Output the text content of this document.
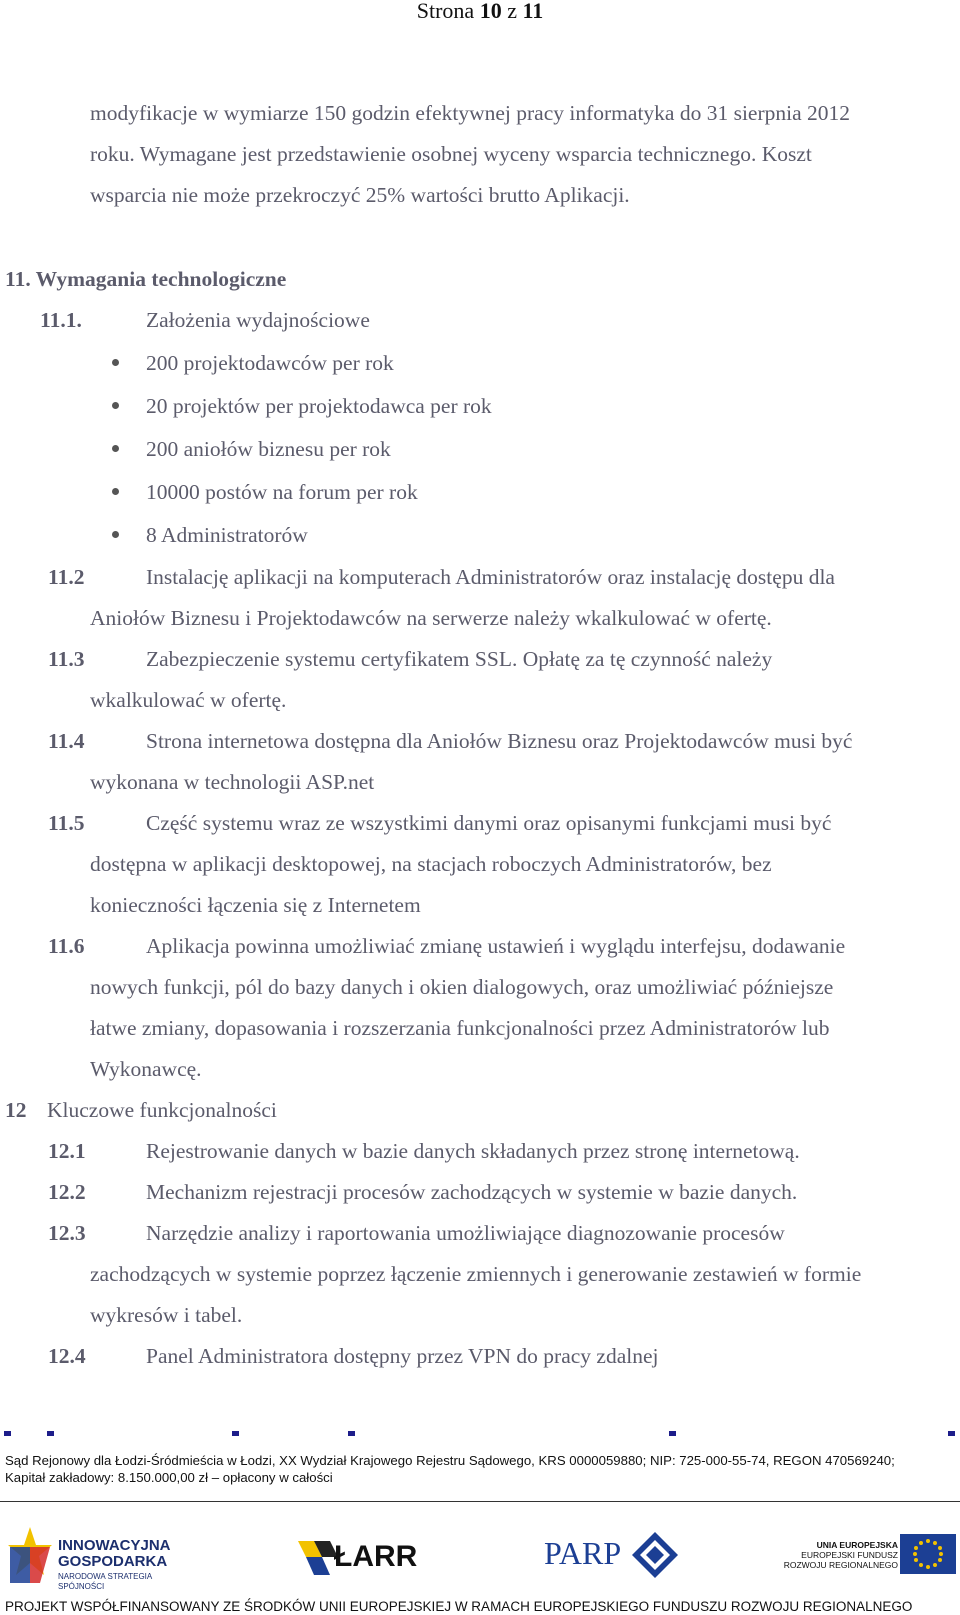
Strona 10 z 11
modyfikacje w wymiarze 150 godzin efektywnej pracy informatyka do 31 sierpnia 2012
roku. Wymagane jest przedstawienie osobnej wyceny wsparcia technicznego. Koszt
wsparcia nie może przekroczyć 25% wartości brutto Aplikacji.
11. Wymagania technologiczne
11.1.	Założenia wydajnościowe
200 projektodawców per rok
20 projektów per projektodawca per rok
200 aniołów biznesu per rok
10000 postów na forum per rok
8 Administratorów
11.2	Instalację aplikacji na komputerach Administratorów oraz instalację dostępu dla
Aniołów Biznesu i Projektodawców na serwerze należy wkalkulować w ofertę.
11.3	Zabezpieczenie systemu certyfikatem SSL. Opłatę za tę czynność należy
wkalkulować w ofertę.
11.4	Strona internetowa dostępna dla Aniołów Biznesu oraz Projektodawców musi być
wykonana w technologii ASP.net
11.5	Część systemu wraz ze wszystkimi danymi oraz opisanymi funkcjami musi być
dostępna w aplikacji desktopowej, na stacjach roboczych Administratorów, bez
konieczności łączenia się z Internetem
11.6	Aplikacja powinna umożliwiać zmianę ustawień i wyglądu interfejsu, dodawanie
nowych funkcji, pól do bazy danych i okien dialogowych, oraz umożliwiać późniejsze
łatwe zmiany, dopasowania i rozszerzania funkcjonalności przez Administratorów lub
Wykonawcę.
12 Kluczowe funkcjonalności
12.1	Rejestrowanie danych w bazie danych składanych przez stronę internetową.
12.2	Mechanizm rejestracji procesów zachodzących w systemie w bazie danych.
12.3	Narzędzie analizy i raportowania umożliwiające diagnozowanie procesów
zachodzących w systemie poprzez łączenie zmiennych i generowanie zestawień w formie
wykresów i tabel.
12.4	Panel Administratora dostępny przez VPN do pracy zdalnej
Sąd Rejonowy dla Łodzi-Śródmieścia w Łodzi, XX Wydział Krajowego Rejestru Sądowego, KRS 0000059880; NIP: 725-000-55-74, REGON 470569240;
Kapitał zakładowy: 8.150.000,00 zł – opłacony w całości
INNOWACYJNA
GOSPODARKA
NARODOWA STRATEGIA SPÓJNOŚCI
ŁARR	PARP	UNIA EUROPEJSKA
EUROPEJSKI FUNDUSZ
ROZWOJU REGIONALNEGO
PROJEKT WSPÓŁFINANSOWANY ZE ŚRODKÓW UNII EUROPEJSKIEJ W RAMACH EUROPEJSKIEGO FUNDUSZU ROZWOJU REGIONALNEGO
